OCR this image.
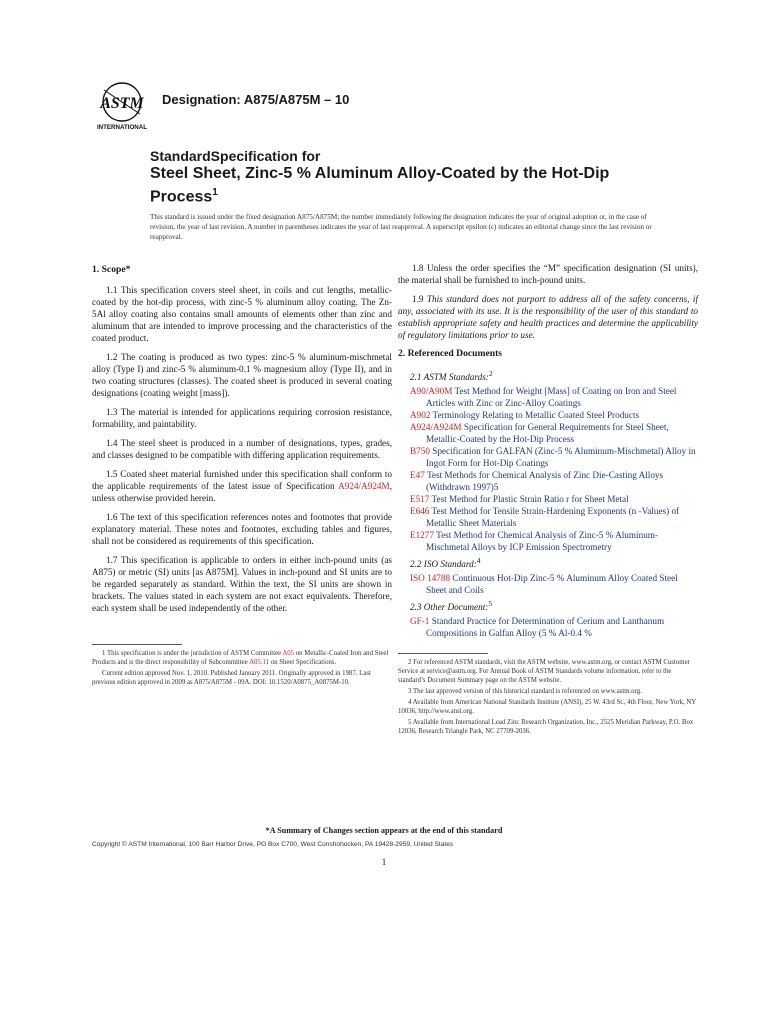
ASTM
INTERNATIONAL
Designation: A875/A875M – 10
StandardSpecification for
Steel Sheet, Zinc-5 % Aluminum Alloy-Coated by the Hot-Dip Process$^1$
This standard is issued under the fixed designation A875/A875M; the number immediately following the designation indicates the year of original adoption or, in the case of revision, the year of last revision. A number in parentheses indicates the year of last reapproval. A superscript epsilon (ε) indicates an editorial change since the last revision or reapproval.
1. Scope*

1.1 This specification covers steel sheet, in coils and cut lengths, metallic-coated by the hot-dip process, with zinc-5 % aluminum alloy coating. The Zn-5Al alloy coating also contains small amounts of elements other than zinc and aluminum that are intended to improve processing and the characteristics of the coated product.

1.2 The coating is produced as two types: zinc-5 % aluminum-mischmetal alloy (Type I) and zinc-5 % aluminum-0.1 % magnesium alloy (Type II), and in two coating structures (classes). The coated sheet is produced in several coating designations (coating weight [mass]).

1.3 The material is intended for applications requiring corrosion resistance, formability, and paintability.

1.4 The steel sheet is produced in a number of designations, types, grades, and classes designed to be compatible with differing application requirements.

1.5 Coated sheet material furnished under this specification shall conform to the applicable requirements of the latest issue of Specification A924/A924M, unless otherwise provided herein.

1.6 The text of this specification references notes and footnotes that provide explanatory material. These notes and footnotes, excluding tables and figures, shall not be considered as requirements of this specification.

1.7 This specification is applicable to orders in either inch-pound units (as A875) or metric (SI) units [as A875M]. Values in inch-pound and SI units are to be regarded separately as standard. Within the text, the SI units are shown in brackets. The values stated in each system are not exact equivalents. Therefore, each system shall be used independently of the other.

1 This specification is under the jurisdiction of ASTM Committee A05 on Metallic-Coated Iron and Steel Products and is the direct responsibility of Subcommittee A05.11 on Sheet Specifications.

Current edition approved Nov. 1, 2010. Published January 2011. Originally approved in 1987. Last previous edition approved in 2009 as A875/A875M - 09A. DOI: 10.1520/A0875_A0875M-10.

1.8 Unless the order specifies the “M” specification designation (SI units), the material shall be furnished to inch-pound units.

1.9 This standard does not purport to address all of the safety concerns, if any, associated with its use. It is the responsibility of the user of this standard to establish appropriate safety and health practices and determine the applicability of regulatory limitations prior to use.

2. Referenced Documents
2.1 ASTM Standards:$^2$
A90/A90M Test Method for Weight [Mass] of Coating on Iron and Steel Articles with Zinc or Zinc-Alloy Coatings
A902 Terminology Relating to Metallic Coated Steel Products
A924/A924M Specification for General Requirements for Steel Sheet, Metallic-Coated by the Hot-Dip Process
B750 Specification for GALFAN (Zinc-5 % Aluminum-Mischmetal) Alloy in Ingot Form for Hot-Dip Coatings
E47 Test Methods for Chemical Analysis of Zinc Die-Casting Alloys (Withdrawn 1997)5
E517 Test Method for Plastic Strain Ratio r for Sheet Metal
E646 Test Method for Tensile Strain-Hardening Exponents (n -Values) of Metallic Sheet Materials
E1277 Test Method for Chemical Analysis of Zinc-5 % Aluminum-Mischmetal Alloys by ICP Emission Spectrometry
2.2 ISO Standard:$^4$
ISO 14788 Continuous Hot-Dip Zinc-5 % Aluminum Alloy Coated Steel Sheet and Coils
2.3 Other Document:$^5$
GF-1 Standard Practice for Determination of Cerium and Lanthanum Compositions in Galfan Alloy (5 % Al-0.4 %

2 For referenced ASTM standards, visit the ASTM website, www.astm.org, or contact ASTM Customer Service at service@astm.org. For Annual Book of ASTM Standards volume information, refer to the standard’s Document Summary page on the ASTM website.

3 The last approved version of this historical standard is referenced on www.astm.org.

4 Available from American National Standards Institute (ANSI), 25 W. 43rd St., 4th Floor, New York, NY 10036, http://www.ansi.org.

5 Available from International Lead Zinc Research Organization, Inc., 2525 Meridian Parkway, P.O. Box 12036, Research Triangle Park, NC 27709-2036.

*A Summary of Changes section appears at the end of this standard
Copyright © ASTM International, 100 Barr Harbor Drive, PO Box C700, West Conshohocken, PA 19428-2959. United States
1
